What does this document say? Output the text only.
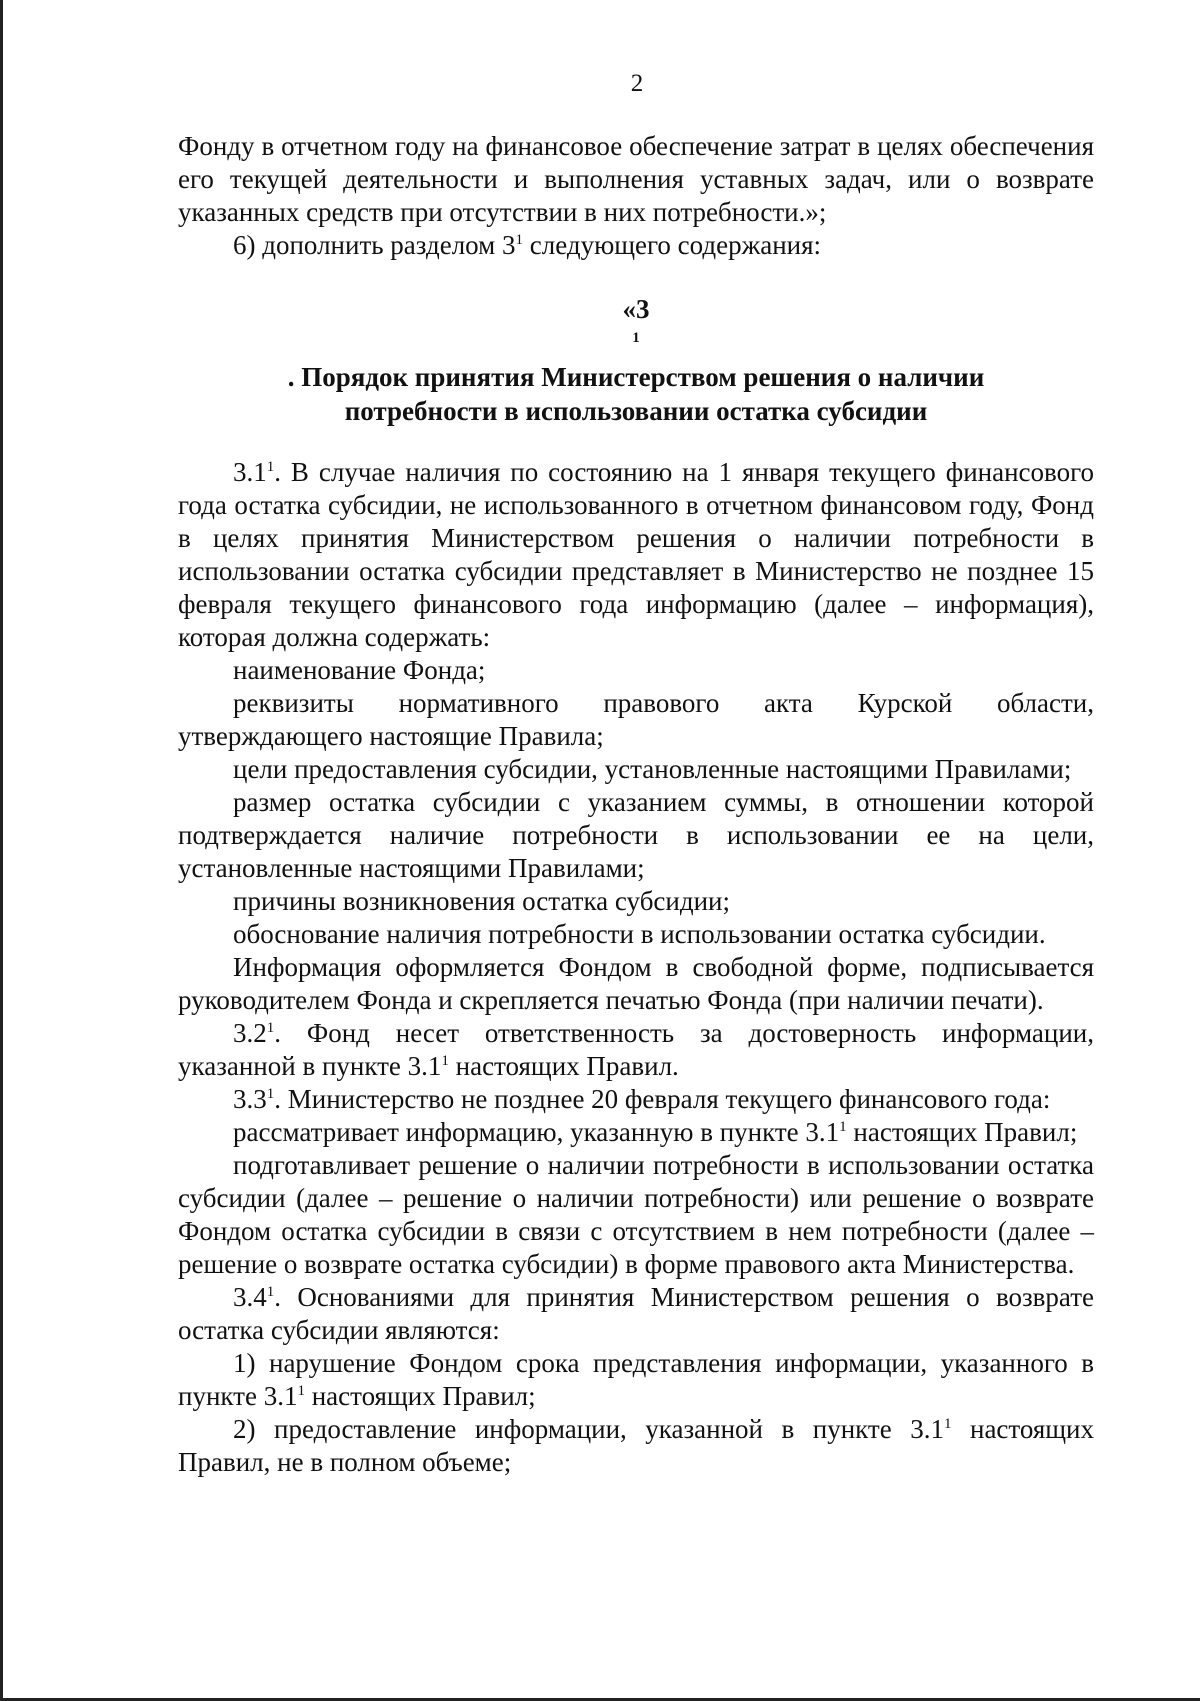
2

Фонду в отчетном году на финансовое обеспечение затрат в целях обеспечения его текущей деятельности и выполнения уставных задач, или о возврате указанных средств при отсутствии в них потребности.»;

6) дополнить разделом $3^1$ следующего содержания:

«3
$^1$
. Порядок принятия Министерством решения о наличии
потребности в использовании остатка субсидии

$3.1^1$. В случае наличия по состоянию на 1 января текущего финансового года остатка субсидии, не использованного в отчетном финансовом году, Фонд в целях принятия Министерством решения о наличии потребности в использовании остатка субсидии представляет в Министерство не позднее 15 февраля текущего финансового года информацию (далее – информация), которая должна содержать:

наименование Фонда;

реквизиты нормативного правового акта Курской области, утверждающего настоящие Правила;

цели предоставления субсидии, установленные настоящими Правилами;

размер остатка субсидии с указанием суммы, в отношении которой подтверждается наличие потребности в использовании ее на цели, установленные настоящими Правилами;

причины возникновения остатка субсидии;

обоснование наличия потребности в использовании остатка субсидии.

Информация оформляется Фондом в свободной форме, подписывается руководителем Фонда и скрепляется печатью Фонда (при наличии печати).

$3.2^1$. Фонд несет ответственность за достоверность информации, указанной в пункте $3.1^1$ настоящих Правил.

$3.3^1$. Министерство не позднее 20 февраля текущего финансового года:

рассматривает информацию, указанную в пункте $3.1^1$ настоящих Правил;

подготавливает решение о наличии потребности в использовании остатка субсидии (далее – решение о наличии потребности) или решение о возврате Фондом остатка субсидии в связи с отсутствием в нем потребности (далее – решение о возврате остатка субсидии) в форме правового акта Министерства.

$3.4^1$. Основаниями для принятия Министерством решения о возврате остатка субсидии являются:

1) нарушение Фондом срока представления информации, указанного в пункте $3.1^1$ настоящих Правил;

2) предоставление информации, указанной в пункте $3.1^1$ настоящих Правил, не в полном объеме;
